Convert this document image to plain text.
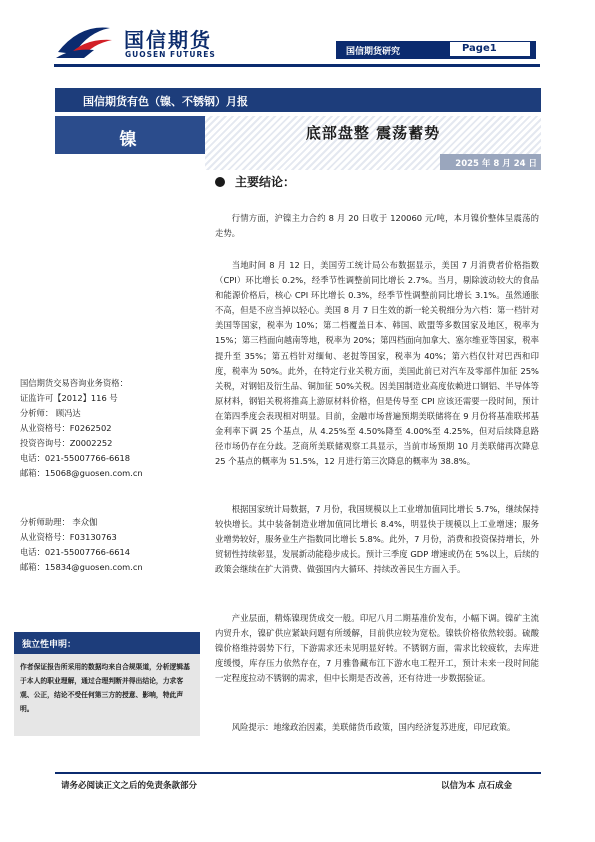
国信期货
GUOSEN FUTURES	国信期货研究	Page1
国信期货有色（镍、不锈钢）月报
镍	底部盘整 震荡蓄势
2025 年 8 月 24 日
主要结论：

行情方面，沪镍主力合约 8 月 20 日收于 120060 元/吨，本月镍价整体呈震荡的走势。

当地时间 8 月 12 日，美国劳工统计局公布数据显示，美国 7 月消费者价格指数（CPI）环比增长 0.2%，经季节性调整前同比增长 2.7%。当月，剔除波动较大的食品和能源价格后，核心 CPI 环比增长 0.3%，经季节性调整前同比增长 3.1%。虽然通胀不高，但是不应当掉以轻心。美国 8 月 7 日生效的新一轮关税细分为六档：第一档针对美国等国家，税率为 10%；第二档覆盖日本、韩国、欧盟等多数国家及地区，税率为 15%；第三档面向越南等地，税率为 20%；第四档面向加拿大、塞尔维亚等国家，税率提升至 35%；第五档针对缅甸、老挝等国家，税率为 40%；第六档仅针对巴西和印度，税率为 50%。此外，在特定行业关税方面，美国此前已对汽车及零部件加征 25%关税，对钢铝及衍生品、铜加征 50%关税。因美国制造业高度依赖进口钢铝、半导体等原材料，钢铝关税将推高上游原材料价格，但是传导至 CPI 应该还需要一段时间，预计在第四季度会表现相对明显。目前，金融市场普遍预期美联储将在 9 月份将基准联邦基金利率下调 25 个基点，从 4.25%至 4.50%降至 4.00%至 4.25%，但对后续降息路径市场仍存在分歧。芝商所美联储观察工具显示，当前市场预期 10 月美联储再次降息 25 个基点的概率为 51.5%，12 月进行第三次降息的概率为 38.8%。

根据国家统计局数据，7 月份，我国规模以上工业增加值同比增长 5.7%，继续保持较快增长。其中装备制造业增加值同比增长 8.4%，明显快于规模以上工业增速；服务业增势较好，服务业生产指数同比增长 5.8%。此外，7 月份，消费和投资保持增长，外贸韧性持续彰显，发展新动能稳步成长。预计三季度 GDP 增速或仍在 5%以上，后续的政策会继续在扩大消费、做强国内大循环、持续改善民生方面入手。

产业层面，精炼镍现货成交一般。印尼八月二期基准价发布，小幅下调。镍矿主流内贸升水，镍矿供应紧缺问题有所缓解，目前供应较为宽松。镍铁价格依然较弱。硫酸镍价格维持弱势下行，下游需求还未见明显好转。不锈钢方面，需求比较疲软，去库进度缓慢，库存压力依然存在，7 月雅鲁藏布江下游水电工程开工，预计未来一段时间能一定程度拉动不锈钢的需求，但中长期是否改善，还有待进一步数据验证。

风险提示：地缘政治因素，美联储货币政策，国内经济复苏进度，印尼政策。

国信期货交易咨询业务资格：
证监许可【2012】116 号
分析师： 顾冯达
从业资格号：F0262502
投资咨询号：Z0002252
电话：021-55007766-6618
邮箱：15068@guosen.com.cn
分析师助理： 李众伽
从业资格号：F03130763
电话：021-55007766-6614
邮箱：15834@guosen.com.cn
独立性申明：
作者保证报告所采用的数据均来自合规渠道，分析逻辑基于本人的职业理解，通过合理判断并得出结论，力求客观、公正，结论不受任何第三方的授意、影响，特此声明。
请务必阅读正文之后的免责条款部分	以信为本 点石成金
